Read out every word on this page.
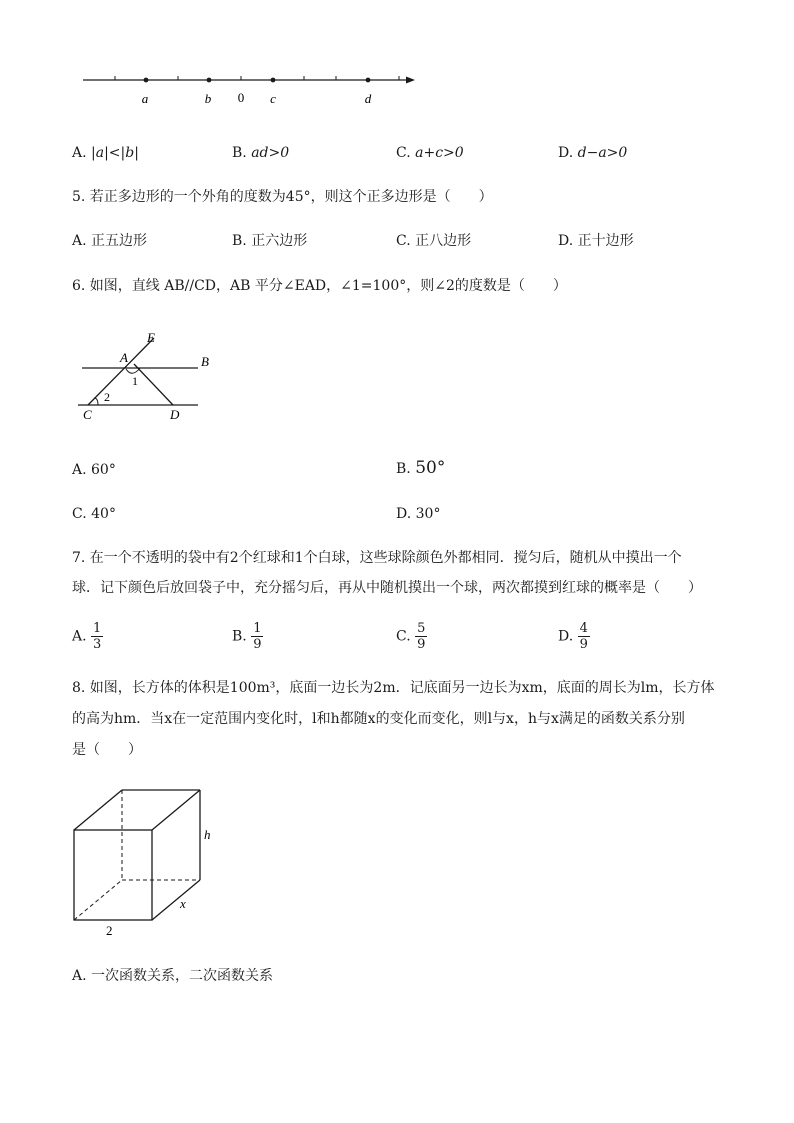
a	b 0 c	d
A. |a|<|b|	B. ad>0	C. a+c>0	D. d−a>0
5. 若正多边形的一个外角的度数为45°，则这个正多边形是（　　）
A. 正五边形	B. 正六边形	C. 正八边形	D. 正十边形
6. 如图，直线 AB//CD，AB 平分∠EAD，∠1=100°，则∠2的度数是（　　）
E
A	B
1
2
C	D
A. 60°	B. 50°
C. 40°	D. 30°
7. 在一个不透明的袋中有2个红球和1个白球，这些球除颜色外都相同．搅匀后，随机从中摸出一个
球．记下颜色后放回袋子中，充分摇匀后，再从中随机摸出一个球，两次都摸到红球的概率是（　　）
A. $\frac{1}{3}$	B. $\frac{1}{9}$	C. $\frac{5}{9}$	D. $\frac{4}{9}$
8. 如图，长方体的体积是100m³，底面一边长为2m．记底面另一边长为xm，底面的周长为lm，长方体
的高为hm．当x在一定范围内变化时，l和h都随x的变化而变化，则l与x，h与x满足的函数关系分别
是（　　）
h
x
2
A. 一次函数关系，二次函数关系
